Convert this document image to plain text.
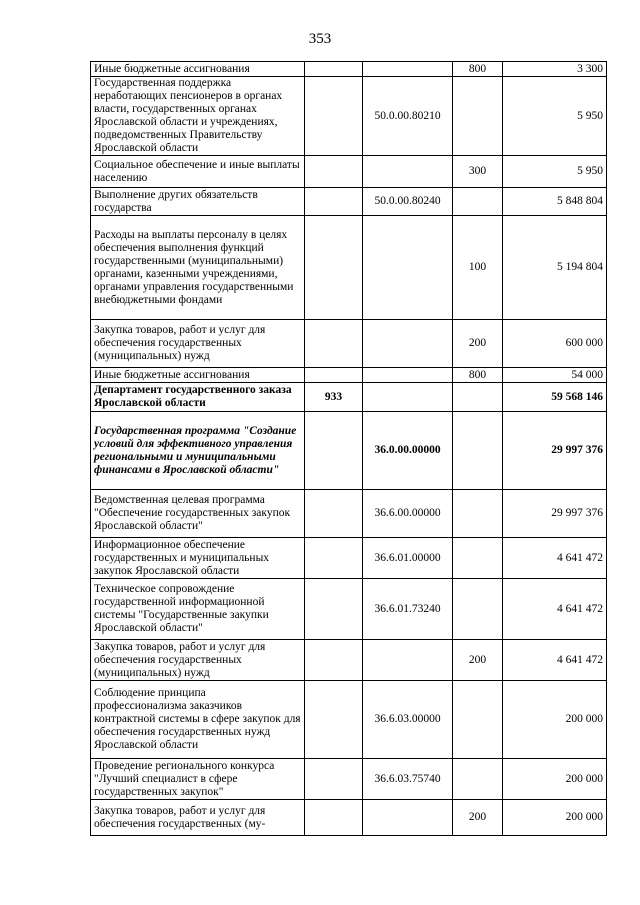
353
Иные бюджетные ассигнования			800	3 300
Государственная поддержка неработающих пенсионеров в органах власти, государственных органах Ярославской области и учреждениях, подведомственных Правительству Ярославской области		50.0.00.80210		5 950
Социальное обеспечение и иные выплаты населению			300	5 950
Выполнение других обязательств государства		50.0.00.80240		5 848 804
Расходы на выплаты персоналу в целях обеспечения выполнения функций государственными (муниципальными) органами, казенными учреждениями, органами управления государственными внебюджетными фондами			100	5 194 804
Закупка товаров, работ и услуг для обеспечения государственных (муниципальных) нужд			200	600 000
Иные бюджетные ассигнования			800	54 000
Департамент государственного заказа Ярославской области	933			59 568 146
Государственная программа "Создание условий для эффективного управления региональными и муниципальными финансами в Ярославской области"		36.0.00.00000		29 997 376
Ведомственная целевая программа "Обеспечение государственных закупок Ярославской области"		36.6.00.00000		29 997 376
Информационное обеспечение государственных и муниципальных закупок Ярославской области		36.6.01.00000		4 641 472
Техническое сопровождение государственной информационной системы "Государственные закупки Ярославской области"		36.6.01.73240		4 641 472
Закупка товаров, работ и услуг для обеспечения государственных (муниципальных) нужд			200	4 641 472
Соблюдение принципа профессионализма заказчиков контрактной системы в сфере закупок для обеспечения государственных нужд Ярославской области		36.6.03.00000		200 000
Проведение регионального конкурса "Лучший специалист в сфере государственных закупок"		36.6.03.75740		200 000
Закупка товаров, работ и услуг для обеспечения государственных (му-			200	200 000
